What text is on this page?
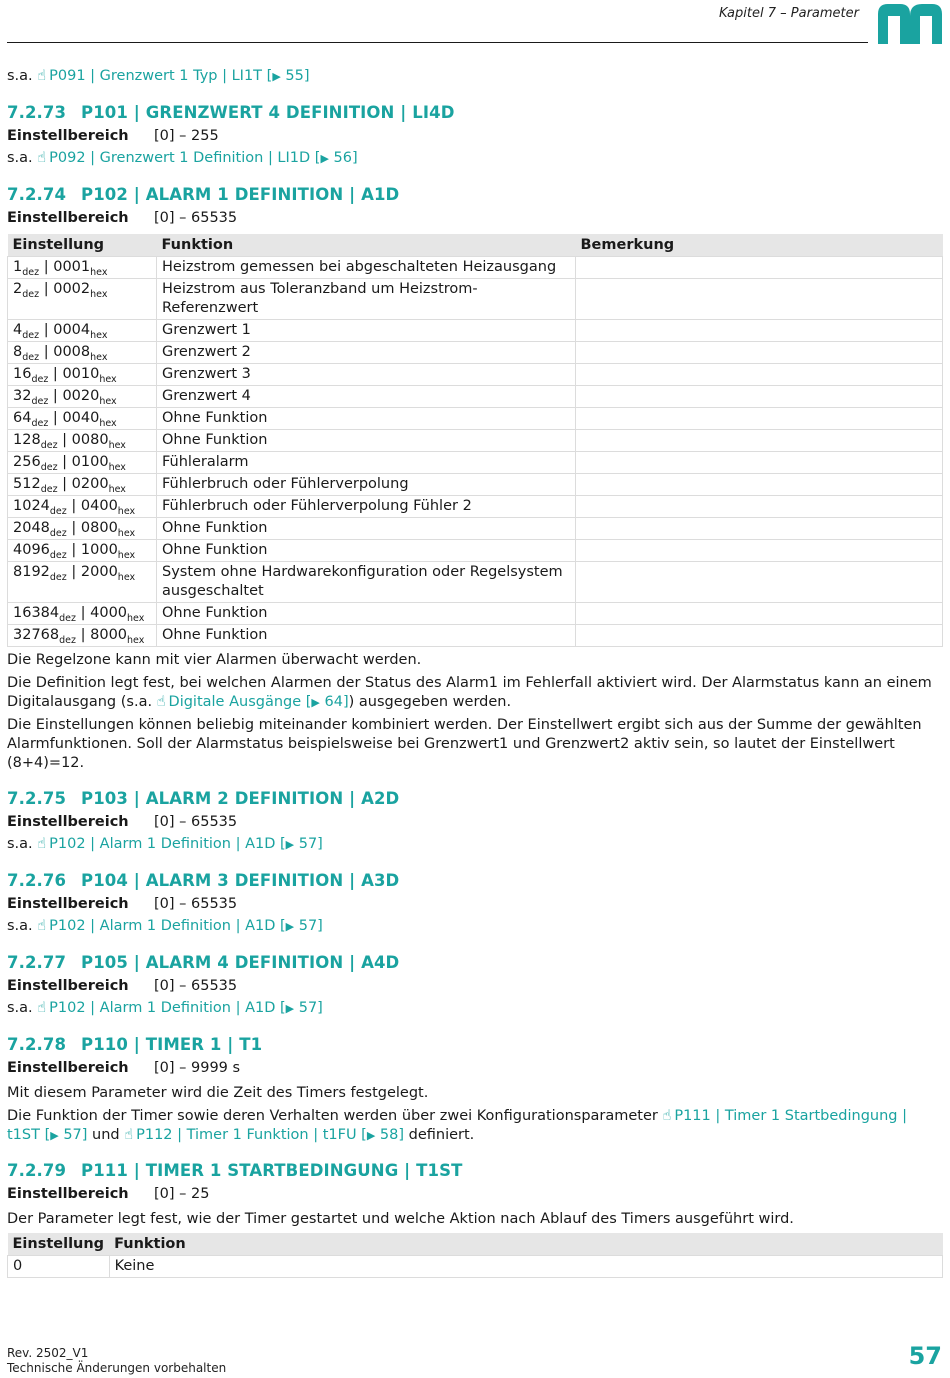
Kapitel 7 – Parameter
s.a. ☝ P091 | Grenzwert 1 Typ | LI1T [▶ 55]
7.2.73 P101 | GRENZWERT 4 DEFINITION | LI4D
Einstellbereich	[0] – 255
s.a. ☝ P092 | Grenzwert 1 Definition | LI1D [▶ 56]
7.2.74 P102 | ALARM 1 DEFINITION | A1D
Einstellbereich	[0] – 65535
Einstellung	Funktion	Bemerkung
$1_{dez}$ | $0001_{hex}$	Heizstrom gemessen bei abgeschalteten Heizausgang	
$2_{dez}$ | $0002_{hex}$	Heizstrom aus Toleranzband um Heizstrom-Referenzwert	
$4_{dez}$ | $0004_{hex}$	Grenzwert 1	
$8_{dez}$ | $0008_{hex}$	Grenzwert 2	
$16_{dez}$ | $0010_{hex}$	Grenzwert 3	
$32_{dez}$ | $0020_{hex}$	Grenzwert 4	
$64_{dez}$ | $0040_{hex}$	Ohne Funktion	
$128_{dez}$ | $0080_{hex}$	Ohne Funktion	
$256_{dez}$ | $0100_{hex}$	Fühleralarm	
$512_{dez}$ | $0200_{hex}$	Fühlerbruch oder Fühlerverpolung	
$1024_{dez}$ | $0400_{hex}$	Fühlerbruch oder Fühlerverpolung Fühler 2	
$2048_{dez}$ | $0800_{hex}$	Ohne Funktion	
$4096_{dez}$ | $1000_{hex}$	Ohne Funktion	
$8192_{dez}$ | $2000_{hex}$	System ohne Hardwarekonfiguration oder Regelsystem ausgeschaltet	
$16384_{dez}$ | $4000_{hex}$	Ohne Funktion	
$32768_{dez}$ | $8000_{hex}$	Ohne Funktion	

Die Regelzone kann mit vier Alarmen überwacht werden.

Die Definition legt fest, bei welchen Alarmen der Status des Alarm1 im Fehlerfall aktiviert wird. Der Alarmstatus kann an einem Digitalausgang (s.a. ☝ Digitale Ausgänge [▶ 64]) ausgegeben werden.

Die Einstellungen können beliebig miteinander kombiniert werden. Der Einstellwert ergibt sich aus der Summe der gewählten Alarmfunktionen. Soll der Alarmstatus beispielsweise bei Grenzwert1 und Grenzwert2 aktiv sein, so lautet der Einstellwert (8+4)=12.

7.2.75 P103 | ALARM 2 DEFINITION | A2D
Einstellbereich	[0] – 65535
s.a. ☝ P102 | Alarm 1 Definition | A1D [▶ 57]
7.2.76 P104 | ALARM 3 DEFINITION | A3D
Einstellbereich	[0] – 65535
s.a. ☝ P102 | Alarm 1 Definition | A1D [▶ 57]
7.2.77 P105 | ALARM 4 DEFINITION | A4D
Einstellbereich	[0] – 65535
s.a. ☝ P102 | Alarm 1 Definition | A1D [▶ 57]
7.2.78 P110 | TIMER 1 | T1
Einstellbereich	[0] – 9999 s

Mit diesem Parameter wird die Zeit des Timers festgelegt.

Die Funktion der Timer sowie deren Verhalten werden über zwei Konfigurationsparameter ☝ P111 | Timer 1 Startbedingung | t1ST [▶ 57] und ☝ P112 | Timer 1 Funktion | t1FU [▶ 58] definiert.

7.2.79 P111 | TIMER 1 STARTBEDINGUNG | T1ST
Einstellbereich	[0] – 25

Der Parameter legt fest, wie der Timer gestartet und welche Aktion nach Ablauf des Timers ausgeführt wird.

Einstellung	Funktion
0	Keine
Rev. 2502_V1
Technische Änderungen vorbehalten	57
